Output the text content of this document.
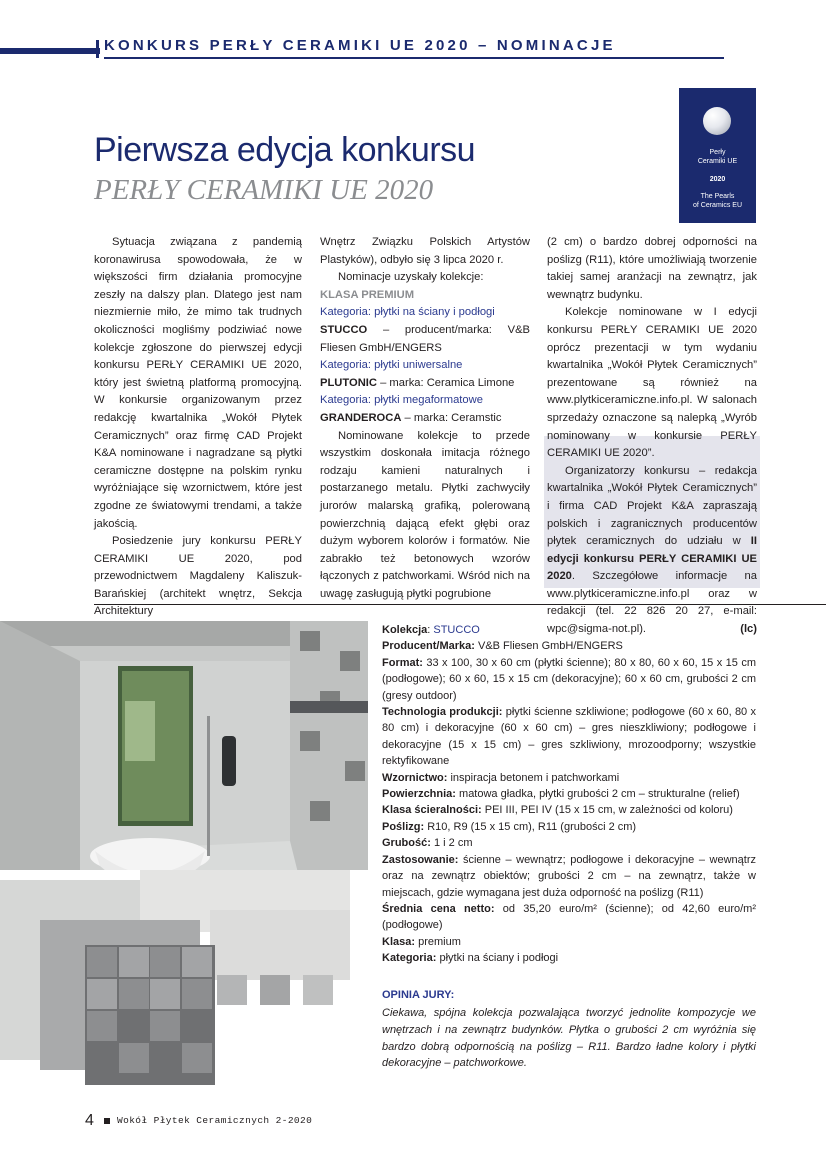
KONKURS PERŁY CERAMIKI UE 2020 – NOMINACJE
Perły
Ceramiki UE
2020
The Pearls
of Ceramics EU
Pierwsza edycja konkursu
PERŁY CERAMIKI UE 2020

Sytuacja związana z pandemią koronawirusa spowodowała, że w większości firm działania promocyjne zeszły na dalszy plan. Dlatego jest nam niezmiernie miło, że mimo tak trudnych okoliczności mogliśmy podziwiać nowe kolekcje zgłoszone do pierwszej edycji konkursu PERŁY CERAMIKI UE 2020, który jest świetną platformą promocyjną. W konkursie organizowanym przez redakcję kwartalnika „Wokół Płytek Ceramicznych” oraz firmę CAD Projekt K&A nominowane i nagradzane są płytki ceramiczne dostępne na polskim rynku wyróżniające się wzornictwem, które jest zgodne ze światowymi trendami, a także jakością.

Posiedzenie jury konkursu PERŁY CERAMIKI UE 2020, pod przewodnictwem Magdaleny Kaliszuk-Barańskiej (architekt wnętrz, Sekcja Architektury

Wnętrz Związku Polskich Artystów Plastyków), odbyło się 3 lipca 2020 r.

Nominacje uzyskały kolekcje:

KLASA PREMIUM

Kategoria: płytki na ściany i podłogi

STUCCO – producent/marka: V&B Fliesen GmbH/ENGERS

Kategoria: płytki uniwersalne

PLUTONIC – marka: Ceramica Limone

Kategoria: płytki megaformatowe

GRANDEROCA – marka: Ceramstic

Nominowane kolekcje to przede wszystkim doskonała imitacja różnego rodzaju kamieni naturalnych i postarzanego metalu. Płytki zachwyciły jurorów malarską grafiką, polerowaną powierzchnią dającą efekt głębi oraz dużym wyborem kolorów i formatów. Nie zabrakło też betonowych wzorów łączonych z patchworkami. Wśród nich na uwagę zasługują płytki pogrubione

(2 cm) o bardzo dobrej odporności na poślizg (R11), które umożliwiają tworzenie takiej samej aranżacji na zewnątrz, jak wewnątrz budynku.

Kolekcje nominowane w I edycji konkursu PERŁY CERAMIKI UE 2020 oprócz prezentacji w tym wydaniu kwartalnika „Wokół Płytek Ceramicznych” prezentowane są również na www.plytkiceramiczne.info.pl. W salonach sprzedaży oznaczone są nalepką „Wyrób nominowany w konkursie PERŁY CERAMIKI UE 2020”.

Organizatorzy konkursu – redakcja kwartalnika „Wokół Płytek Ceramicznych” i firma CAD Projekt K&A zapraszają polskich i zagranicznych producentów płytek ceramicznych do udziału w II edycji konkursu PERŁY CERAMIKI UE 2020. Szczegółowe informacje na www.plytkiceramiczne.info.pl oraz w redakcji (tel. 22 826 20 27, e-mail: wpc@sigma-not.pl).	(lc)

Kolekcja: STUCCO

Producent/Marka: V&B Fliesen GmbH/ENGERS

Format: 33 x 100, 30 x 60 cm (płytki ścienne); 80 x 80, 60 x 60, 15 x 15 cm (podłogowe); 60 x 60, 15 x 15 cm (dekoracyjne); 60 x 60 cm, grubości 2 cm (gresy outdoor)

Technologia produkcji: płytki ścienne szkliwione; podłogowe (60 x 60, 80 x 80 cm) i dekoracyjne (60 x 60 cm) – gres nieszkliwiony; podłogowe i dekoracyjne (15 x 15 cm) – gres szkliwiony, mrozoodporny; wszystkie rektyfikowane

Wzornictwo: inspiracja betonem i patchworkami

Powierzchnia: matowa gładka, płytki grubości 2 cm – strukturalne (relief)

Klasa ścieralności: PEI III, PEI IV (15 x 15 cm, w zależności od koloru)

Poślizg: R10, R9 (15 x 15 cm), R11 (grubości 2 cm)

Grubość: 1 i 2 cm

Zastosowanie: ścienne – wewnątrz; podłogowe i dekoracyjne – wewnątrz oraz na zewnątrz obiektów; grubości 2 cm – na zewnątrz, także w miejscach, gdzie wymagana jest duża odporność na poślizg (R11)

Średnia cena netto: od 35,20 euro/m² (ścienne); od 42,60 euro/m² (podłogowe)

Klasa: premium

Kategoria: płytki na ściany i podłogi

OPINIA JURY:
Ciekawa, spójna kolekcja pozwalająca tworzyć jednolite kompozycje we wnętrzach i na zewnątrz budynków. Płytka o grubości 2 cm wyróżnia się bardzo dobrą odpornością na poślizg – R11. Bardzo ładne kolory i płytki dekoracyjne – patchworkowe.
4 Wokół Płytek Ceramicznych 2-2020
